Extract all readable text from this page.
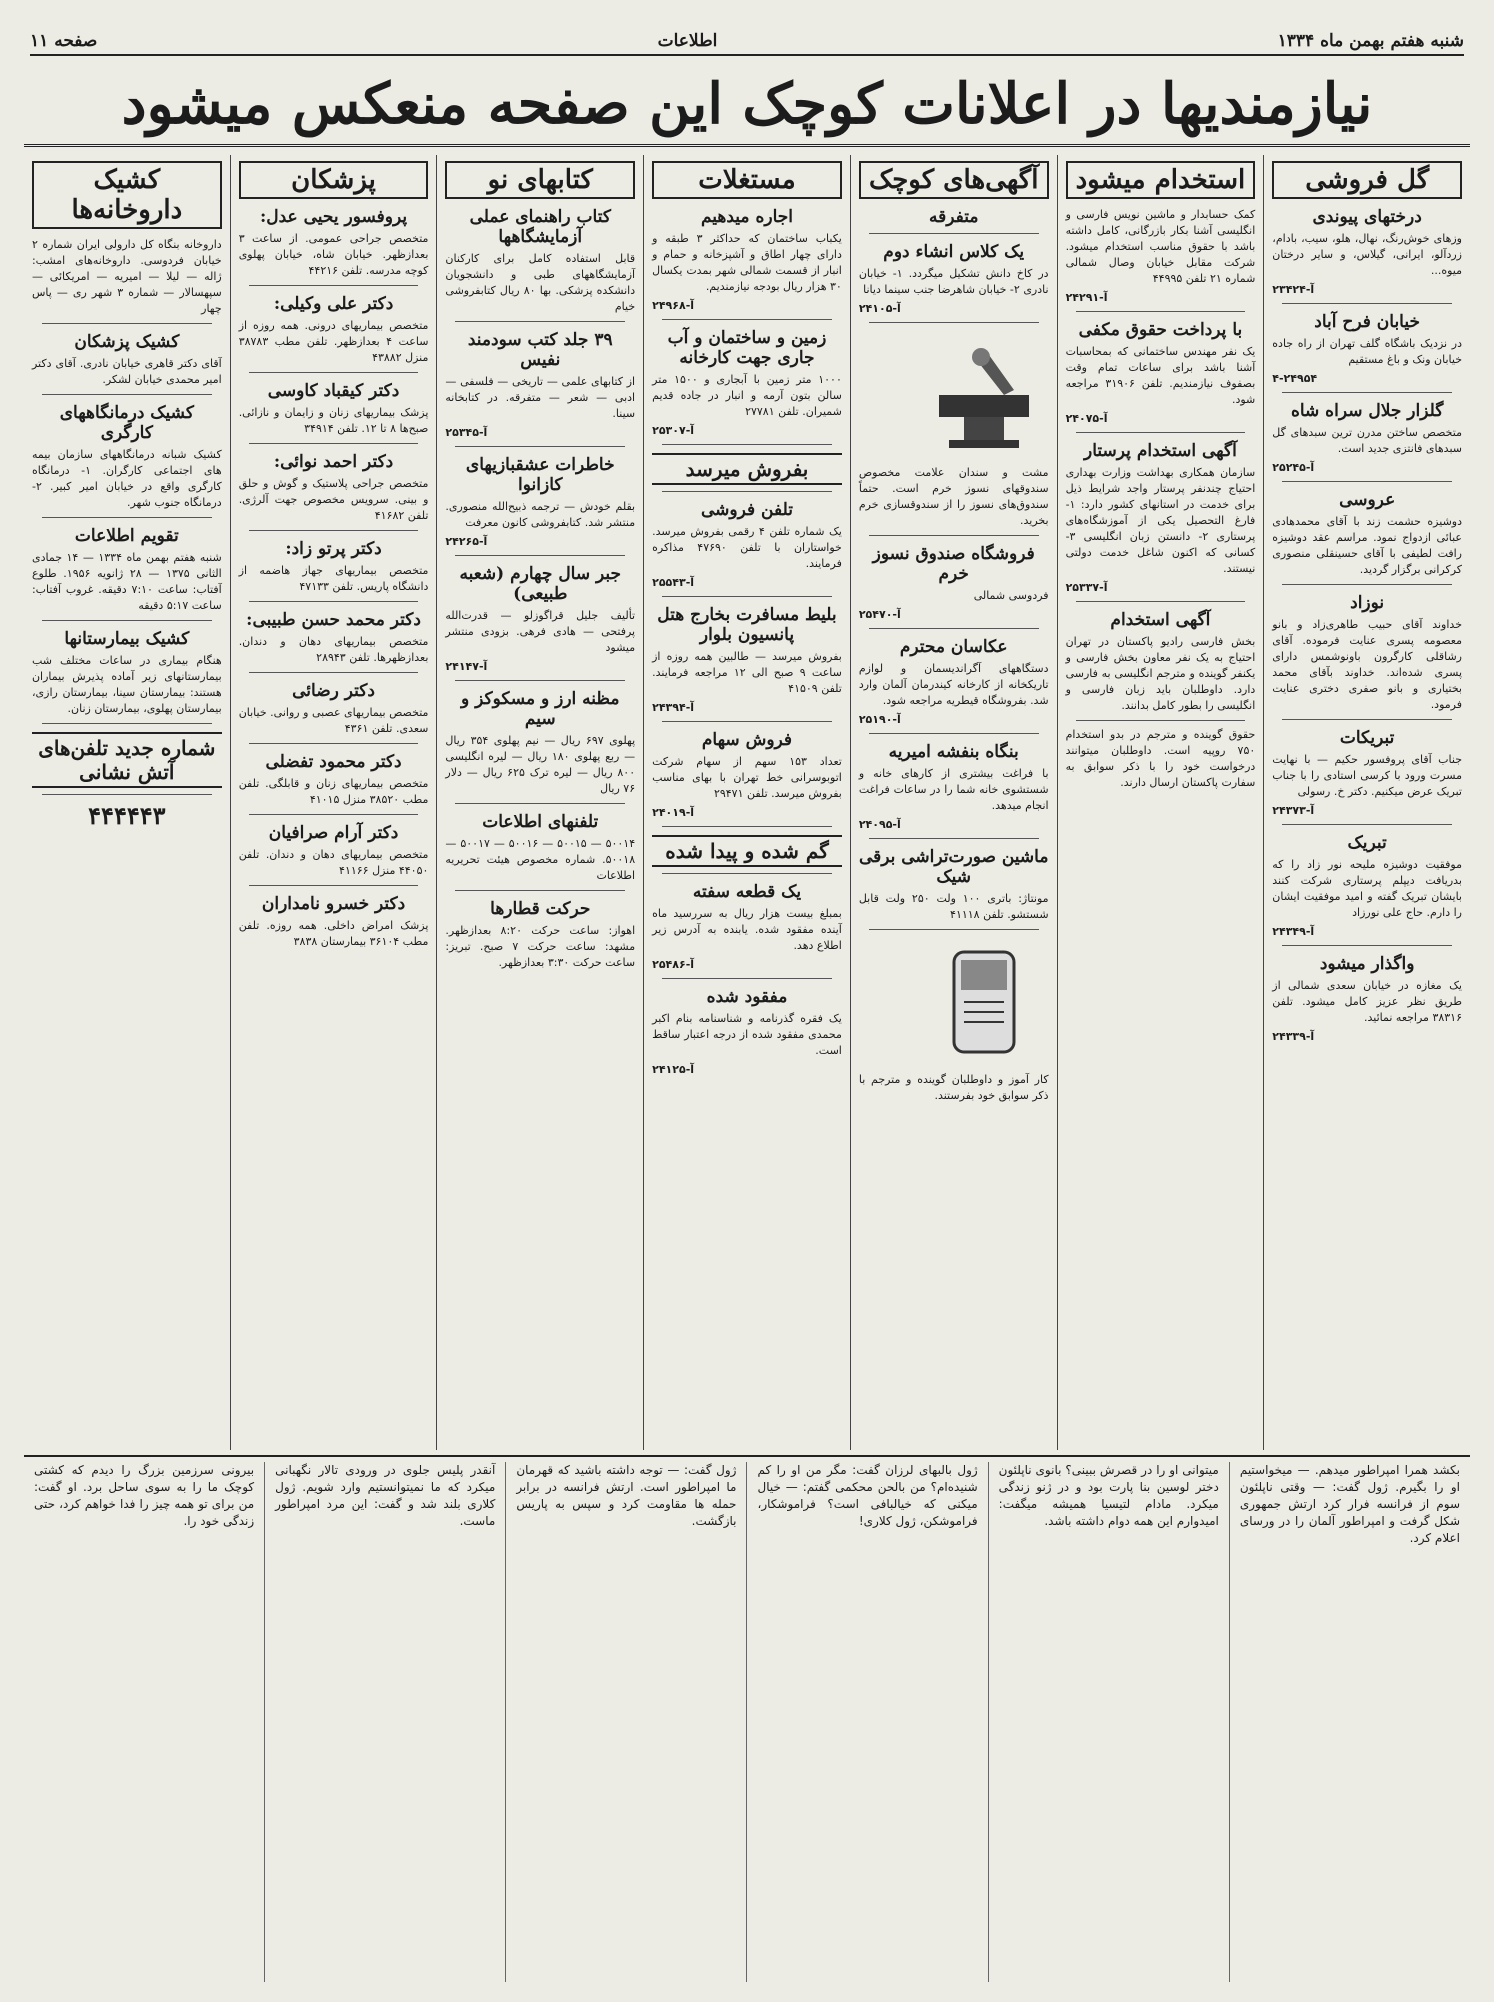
شنبه هفتم بهمن ماه ۱۳۳۴
اطلاعات
صفحه ۱۱
نیازمندیها در اعلانات کوچک این صفحه منعکس میشود
گل فروشی
درختهای پیوندی
وزهای خوش‌رنگ، نهال، هلو، سیب، بادام، زردآلو، ایرانی، گیلاس، و سایر درختان میوه...
آ-۲۳۴۲۴
خیابان فرح آباد
در نزدیک باشگاه گلف تهران از راه جاده خیابان ونک و باغ مستقیم
۴-۲۴۹۵۴
گلزار جلال سراه شاه
متخصص ساختن مدرن ترین سبدهای گل سبدهای فانتزی جدید است.
آ-۲۵۲۴۵
عروسی
دوشیزه حشمت زند با آقای محمدهادی عبائی ازدواج نمود. مراسم عقد دوشیزه رافت لطیفی با آقای حسینقلی منصوری کرکرانی برگزار گردید.
نوزاد
خداوند آقای حبیب طاهری‌زاد و بانو معصومه پسری عنایت فرموده. آقای رشاقلی کارگرون باونوشمس دارای پسری شده‌اند. خداوند بآقای محمد بختیاری و بانو صفری دختری عنایت فرمود.
تبریکات
جناب آقای پروفسور حکیم — با نهایت مسرت ورود با کرسی استادی را با جناب تبریک عرض میکنیم. دکتر خ. رسولی
آ-۲۴۳۷۳
تبریک
موفقیت دوشیزه ملیحه نور زاد را که بدریافت دیپلم پرستاری شرکت کنند بایشان تبریک گفته و امید موفقیت ایشان را دارم. حاج علی نورزاد
آ-۲۴۳۴۹
واگذار میشود
یک مغازه در خیابان سعدی شمالی از طریق نظر عزیز کامل میشود. تلفن ۳۸۳۱۶ مراجعه نمائید.
آ-۲۴۳۳۹
استخدام میشود
کمک حسابدار و ماشین نویس فارسی و انگلیسی آشنا بکار بازرگانی، کامل داشته باشد با حقوق مناسب استخدام میشود. شرکت مقابل خیابان وصال شمالی شماره ۲۱ تلفن ۴۴۹۹۵
آ-۲۴۲۹۱
با پرداخت حقوق مکفی
یک نفر مهندس ساختمانی که بمحاسبات آشنا باشد برای ساعات تمام وقت بصفوف نیازمندیم. تلفن ۳۱۹۰۶ مراجعه شود.
آ-۲۴۰۷۵
آگهی استخدام پرستار
سازمان همکاری بهداشت وزارت بهداری احتیاج چندنفر پرستار واجد شرایط ذیل برای خدمت در استانهای کشور دارد: ۱- فارغ التحصیل یکی از آموزشگاه‌های پرستاری ۲- دانستن زبان انگلیسی ۳- کسانی که اکنون شاغل خدمت دولتی نیستند.
آ-۲۵۳۳۷
آگهی استخدام
بخش فارسی رادیو پاکستان در تهران احتیاج به یک نفر معاون بخش فارسی و یکنفر گوینده و مترجم انگلیسی به فارسی دارد. داوطلبان باید زبان فارسی و انگلیسی را بطور کامل بدانند.
حقوق گوینده و مترجم در بدو استخدام ۷۵۰ روپیه است. داوطلبان میتوانند درخواست خود را با ذکر سوابق به سفارت پاکستان ارسال دارند.
آگهی‌های کوچک
متفرقه
یک کلاس انشاء دوم
در کاخ دانش تشکیل میگردد. ۱- خیابان نادری ۲- خیابان شاهرضا جنب سینما دیانا
آ-۲۴۱۰۵
مشت و سندان علامت مخصوص سندوقهای نسوز خرم است. حتماً سندوق‌های نسوز را از سندوقسازی خرم بخرید.
فروشگاه صندوق نسوز خرم
فردوسی شمالی
آ-۲۵۴۷۰
عکاسان محترم
دستگاههای آگراندیسمان و لوازم تاریکخانه از کارخانه کیندرمان آلمان وارد شد. بفروشگاه قیطریه مراجعه شود.
آ-۲۵۱۹۰
بنگاه بنفشه امیریه
با فراغت بیشتری از کارهای خانه و شستشوی خانه شما را در ساعات فراغت انجام میدهد.
آ-۲۴۰۹۵
ماشین صورت‌تراشی برقی شیک
مونتاژ: باتری ۱۰۰ ولت ۲۵۰ ولت قابل شستشو. تلفن ۴۱۱۱۸
کار آموز و داوطلبان گوینده و مترجم با ذکر سوابق خود بفرستند.
مستغلات
اجاره میدهیم
یکباب ساختمان که حداکثر ۳ طبقه و دارای چهار اطاق و آشپزخانه و حمام و انبار از قسمت شمالی شهر بمدت یکسال ۳۰ هزار ریال بودجه نیازمندیم.
آ-۲۴۹۶۸
زمین و ساختمان و آب جاری جهت کارخانه
۱۰۰۰ متر زمین با آبجاری و ۱۵۰۰ متر سالن بتون آرمه و انبار در جاده قدیم شمیران. تلفن ۲۷۷۸۱
آ-۲۵۳۰۷
بفروش میرسد
تلفن فروشی
یک شماره تلفن ۴ رقمی بفروش میرسد. خواستاران با تلفن ۴۷۶۹۰ مذاکره فرمایند.
آ-۲۵۵۴۳
بلیط مسافرت بخارج هتل پانسیون بلوار
بفروش میرسد — طالبین همه روزه از ساعت ۹ صبح الی ۱۲ مراجعه فرمایند. تلفن ۴۱۵۰۹
آ-۲۴۳۹۴
فروش سهام
تعداد ۱۵۳ سهم از سهام شرکت اتوبوسرانی خط تهران با بهای مناسب بفروش میرسد. تلفن ۲۹۴۷۱
آ-۲۴۰۱۹
گم شده و پیدا شده
یک قطعه سفته
بمبلغ بیست هزار ریال به سررسید ماه آینده مفقود شده. یابنده به آدرس زیر اطلاع دهد.
آ-۲۵۴۸۶
مفقود شده
یک فقره گذرنامه و شناسنامه بنام اکبر محمدی مفقود شده از درجه اعتبار ساقط است.
آ-۲۴۱۲۵
کتابهای نو
کتاب راهنمای عملی آزمایشگاهها
قابل استفاده کامل برای کارکنان آزمایشگاههای طبی و دانشجویان دانشکده پزشکی. بها ۸۰ ریال کتابفروشی خیام
۳۹ جلد کتب سودمند نفیس
از کتابهای علمی — تاریخی — فلسفی — ادبی — شعر — متفرقه. در کتابخانه سینا.
آ-۲۵۳۴۵
خاطرات عشقبازیهای کازانوا
بقلم خودش — ترجمه ذبیح‌الله منصوری. منتشر شد. کتابفروشی کانون معرفت
آ-۲۴۲۶۵
جبر سال چهارم (شعبه طبیعی)
تألیف جلیل قراگوزلو — قدرت‌الله پرفتحی — هادی فرهی. بزودی منتشر میشود
آ-۲۴۱۴۷
مظنه ارز و مسکوکز و سیم
پهلوی ۶۹۷ ریال — نیم پهلوی ۳۵۴ ریال — ربع پهلوی ۱۸۰ ریال — لیره انگلیسی ۸۰۰ ریال — لیره ترک ۶۲۵ ریال — دلار ۷۶ ریال
تلفنهای اطلاعات
۵۰۰۱۴ — ۵۰۰۱۵ — ۵۰۰۱۶ — ۵۰۰۱۷ — ۵۰۰۱۸. شماره مخصوص هیئت تحریریه اطلاعات
حرکت قطارها
اهواز: ساعت حرکت ۸:۲۰ بعدازظهر. مشهد: ساعت حرکت ۷ صبح. تبریز: ساعت حرکت ۳:۳۰ بعدازظهر.
پزشکان
پروفسور یحیی عدل:
متخصص جراحی عمومی. از ساعت ۳ بعدازظهر. خیابان شاه، خیابان پهلوی کوچه مدرسه. تلفن ۴۴۲۱۶
دکتر علی وکیلی:
متخصص بیماریهای درونی. همه روزه از ساعت ۴ بعدازظهر. تلفن مطب ۳۸۷۸۳ منزل ۴۳۸۸۲
دکتر کیقباد کاوسی
پزشک بیماریهای زنان و زایمان و نازائی. صبح‌ها ۸ تا ۱۲. تلفن ۳۴۹۱۴
دکتر احمد نوائی:
متخصص جراحی پلاستیک و گوش و حلق و بینی. سرویس مخصوص جهت آلرژی. تلفن ۴۱۶۸۲
دکتر پرتو زاد:
متخصص بیماریهای جهاز هاضمه از دانشگاه پاریس. تلفن ۴۷۱۳۳
دکتر محمد حسن طبیبی:
متخصص بیماریهای دهان و دندان. بعدازظهرها. تلفن ۲۸۹۴۳
دکتر رضائی
متخصص بیماریهای عصبی و روانی. خیابان سعدی. تلفن ۴۳۶۱
دکتر محمود تفضلی
متخصص بیماریهای زنان و قابلگی. تلفن مطب ۳۸۵۲۰ منزل ۴۱۰۱۵
دکتر آرام صرافیان
متخصص بیماریهای دهان و دندان. تلفن ۴۴۰۵۰ منزل ۴۱۱۶۶
دکتر خسرو نامداران
پزشک امراض داخلی. همه روزه. تلفن مطب ۳۶۱۰۴ بیمارستان ۳۸۳۸
کشیک داروخانه‌ها
داروخانه بنگاه کل دارولی ایران شماره ۲ خیابان فردوسی. داروخانه‌های امشب: ژاله — لیلا — امیریه — امریکائی — سپهسالار — شماره ۳ شهر ری — پاس چهار
کشیک پزشکان
آقای دکتر قاهری خیابان نادری. آقای دکتر امیر محمدی خیابان لشکر.
کشیک درمانگاههای کارگری
کشیک شبانه درمانگاههای سازمان بیمه های اجتماعی کارگران. ۱- درمانگاه کارگری واقع در خیابان امیر کبیر. ۲- درمانگاه جنوب شهر.
تقویم اطلاعات
شنبه هفتم بهمن ماه ۱۳۳۴ — ۱۴ جمادی الثانی ۱۳۷۵ — ۲۸ ژانویه ۱۹۵۶. طلوع آفتاب: ساعت ۷:۱۰ دقیقه. غروب آفتاب: ساعت ۵:۱۷ دقیقه
کشیک بیمارستانها
هنگام بیماری در ساعات مختلف شب بیمارستانهای زیر آماده پذیرش بیماران هستند: بیمارستان سینا، بیمارستان رازی، بیمارستان پهلوی، بیمارستان زنان.
شماره جدید تلفن‌های آتش نشانی
۴۴۴۴۴۳
بکشد همرا امپراطور میدهم. — میخواستیم او را بگیرم. ژول گفت: — وقتی ناپلئون سوم از فرانسه فرار کرد ارتش جمهوری شکل گرفت و امپراطور آلمان را در ورسای اعلام کرد.
میتوانی او را در قصرش ببینی؟ بانوی ناپلئون دختر لوسین بنا پارت بود و در ژنو زندگی میکرد. مادام لتیسیا همیشه میگفت: امیدوارم این همه دوام داشته باشد.
ژول بالبهای لرزان گفت: مگر من او را کم شنیده‌ام؟ من بالحن محکمی گفتم: — خیال میکنی که خیالبافی است؟ فراموشکار، فراموشکن، ژول کلاری!
ژول گفت: — توجه داشته باشید که قهرمان ما امپراطور است. ارتش فرانسه در برابر حمله ها مقاومت کرد و سپس به پاریس بازگشت.
آنقدر پلیس جلوی در ورودی تالار نگهبانی میکرد که ما نمیتوانستیم وارد شویم. ژول کلاری بلند شد و گفت: این مرد امپراطور ماست.
بیرونی سرزمین بزرگ را دیدم که کشتی کوچک ما را به سوی ساحل برد. او گفت: من برای تو همه چیز را فدا خواهم کرد، حتی زندگی خود را.
